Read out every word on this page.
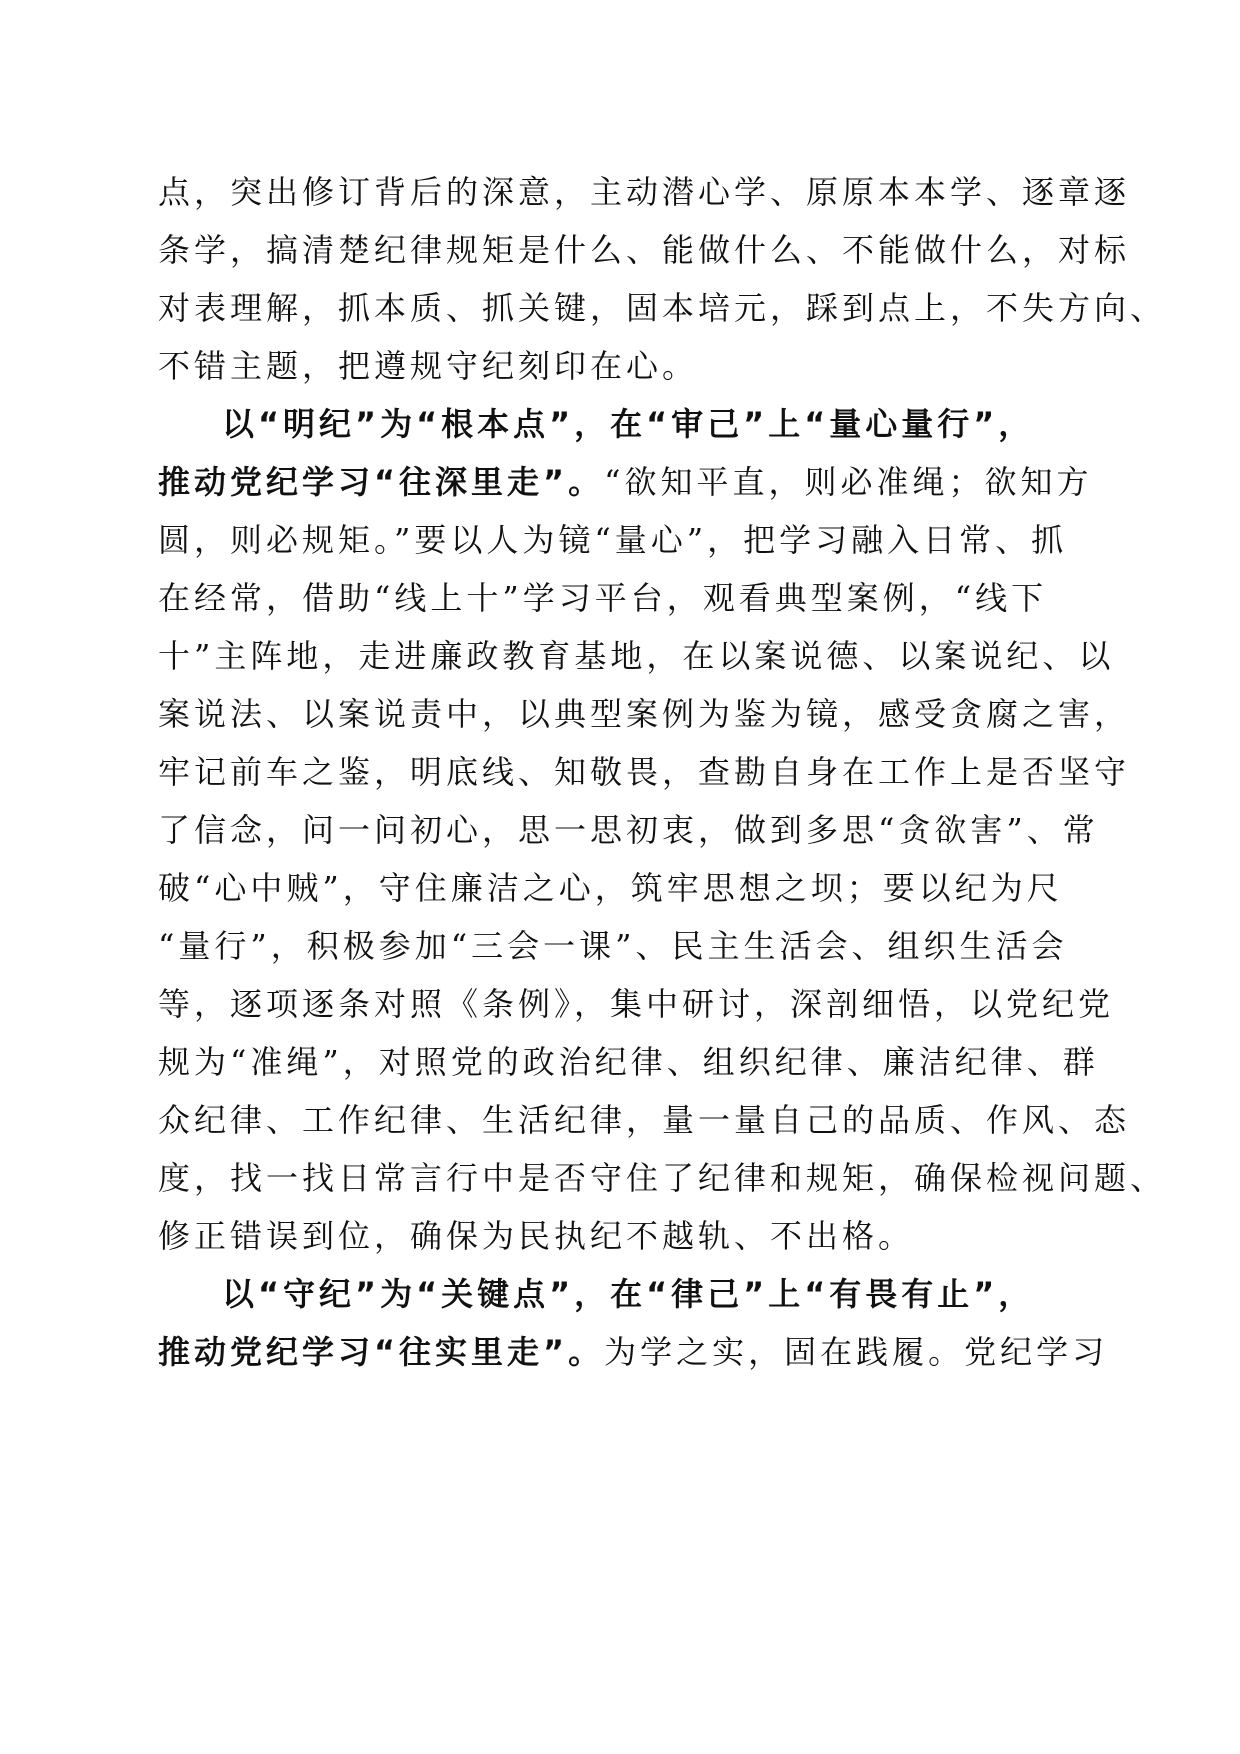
点，突出修订背后的深意，主动潜心学、原原本本学、逐章逐
条学，搞清楚纪律规矩是什么、能做什么、不能做什么，对标
对表理解，抓本质、抓关键，固本培元，踩到点上，不失方向、
不错主题，把遵规守纪刻印在心。
以“明纪”为“根本点”，在“审己”上“量心量行”，
推动党纪学习“往深里走”。“欲知平直，则必准绳；欲知方
圆，则必规矩。”要以人为镜“量心”，把学习融入日常、抓
在经常，借助“线上十”学习平台，观看典型案例，“线下
十”主阵地，走进廉政教育基地，在以案说德、以案说纪、以
案说法、以案说责中，以典型案例为鉴为镜，感受贪腐之害，
牢记前车之鉴，明底线、知敬畏，查勘自身在工作上是否坚守
了信念，问一问初心，思一思初衷，做到多思“贪欲害”、常
破“心中贼”，守住廉洁之心，筑牢思想之坝；要以纪为尺
“量行”，积极参加“三会一课”、民主生活会、组织生活会
等，逐项逐条对照《条例》，集中研讨，深剖细悟，以党纪党
规为“准绳”，对照党的政治纪律、组织纪律、廉洁纪律、群
众纪律、工作纪律、生活纪律，量一量自己的品质、作风、态
度，找一找日常言行中是否守住了纪律和规矩，确保检视问题、
修正错误到位，确保为民执纪不越轨、不出格。
以“守纪”为“关键点”，在“律己”上“有畏有止”，
推动党纪学习“往实里走”。为学之实，固在践履。党纪学习
